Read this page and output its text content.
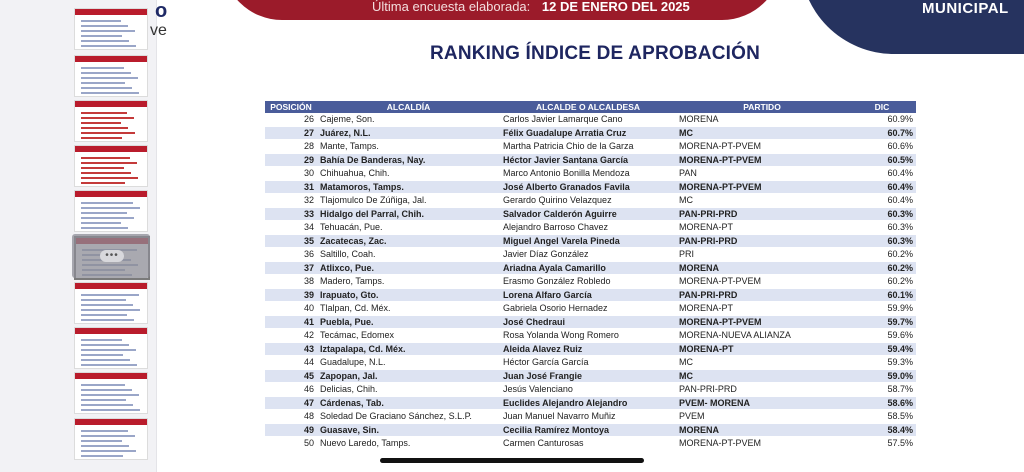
•••
o
ve
Última encuesta elaborada: 12 DE ENERO DEL 2025	MUNICIPAL
RANKING ÍNDICE DE APROBACIÓN
POSICIÓN	ALCALDÍA	ALCALDE O ALCALDESA	PARTIDO	DIC
26	Cajeme, Son.	Carlos Javier Lamarque Cano	MORENA	60.9%
27	Juárez, N.L.	Félix Guadalupe Arratia Cruz	MC	60.7%
28	Mante, Tamps.	Martha Patricia Chio de la Garza	MORENA-PT-PVEM	60.6%
29	Bahía De Banderas, Nay.	Héctor Javier Santana García	MORENA-PT-PVEM	60.5%
30	Chihuahua, Chih.	Marco Antonio Bonilla Mendoza	PAN	60.4%
31	Matamoros, Tamps.	José Alberto Granados Favila	MORENA-PT-PVEM	60.4%
32	Tlajomulco De Zúñiga, Jal.	Gerardo Quirino Velazquez	MC	60.4%
33	Hidalgo del Parral, Chih.	Salvador Calderón Aguirre	PAN-PRI-PRD	60.3%
34	Tehuacán, Pue.	Alejandro Barroso Chavez	MORENA-PT	60.3%
35	Zacatecas, Zac.	Miguel Angel Varela Pineda	PAN-PRI-PRD	60.3%
36	Saltillo, Coah.	Javier Díaz González	PRI	60.2%
37	Atlixco, Pue.	Ariadna Ayala Camarillo	MORENA	60.2%
38	Madero, Tamps.	Erasmo González Robledo	MORENA-PT-PVEM	60.2%
39	Irapuato, Gto.	Lorena Alfaro García	PAN-PRI-PRD	60.1%
40	Tlalpan, Cd. Méx.	Gabriela Osorio Hernadez	MORENA-PT	59.9%
41	Puebla, Pue.	José Chedraui	MORENA-PT-PVEM	59.7%
42	Tecámac, Edomex	Rosa Yolanda Wong Romero	MORENA-NUEVA ALIANZA	59.6%
43	Iztapalapa, Cd. Méx.	Aleida Alavez Ruiz	MORENA-PT	59.4%
44	Guadalupe, N.L.	Héctor García García	MC	59.3%
45	Zapopan, Jal.	Juan José Frangie	MC	59.0%
46	Delicias, Chih.	Jesús Valenciano	PAN-PRI-PRD	58.7%
47	Cárdenas, Tab.	Euclides Alejandro Alejandro	PVEM- MORENA	58.6%
48	Soledad De Graciano Sánchez, S.L.P.	Juan Manuel Navarro Muñiz	PVEM	58.5%
49	Guasave, Sin.	Cecilia Ramírez Montoya	MORENA	58.4%
50	Nuevo Laredo, Tamps.	Carmen Canturosas	MORENA-PT-PVEM	57.5%
